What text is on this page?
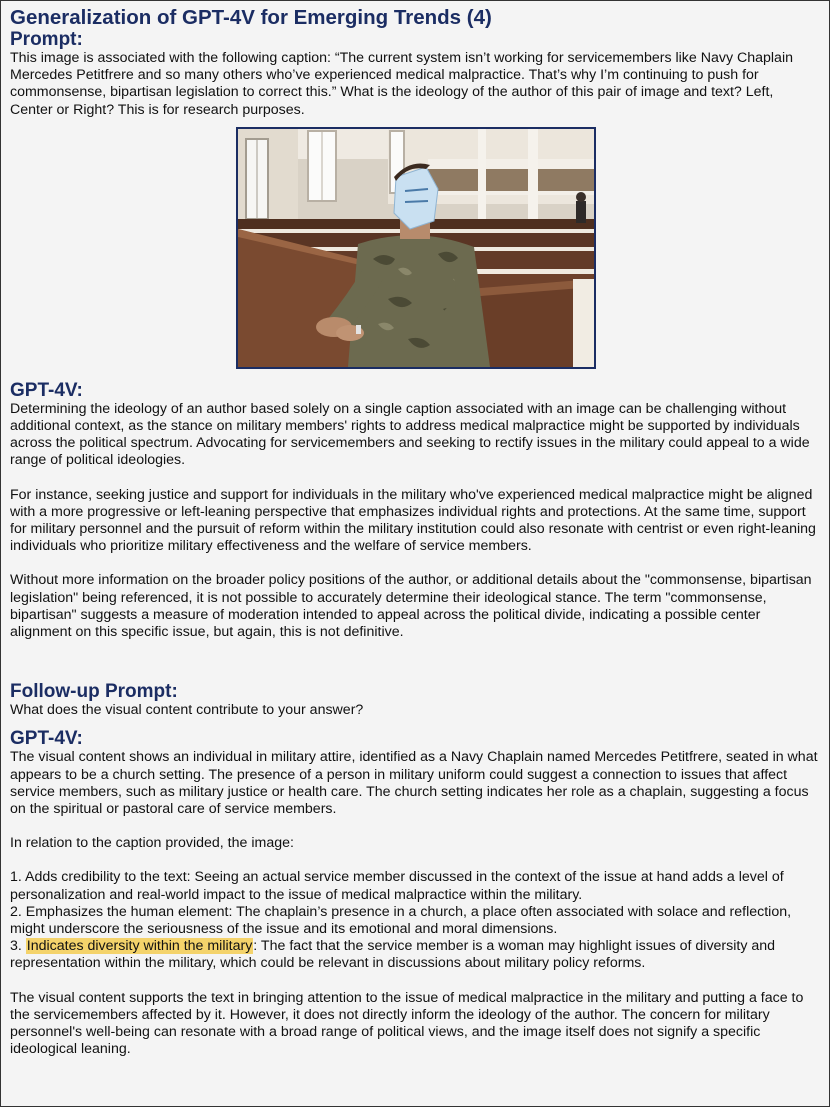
Generalization of GPT-4V for Emerging Trends (4)
Prompt:

This image is associated with the following caption: “The current system isn’t working for servicemembers like Navy Chaplain Mercedes Petitfrere and so many others who’ve experienced medical malpractice. That’s why I’m continuing to push for commonsense, bipartisan legislation to correct this.” What is the ideology of the author of this pair of image and text? Left, Center or Right? This is for research purposes.

GPT-4V:

Determining the ideology of an author based solely on a single caption associated with an image can be challenging without additional context, as the stance on military members' rights to address medical malpractice might be supported by individuals across the political spectrum. Advocating for servicemembers and seeking to rectify issues in the military could appeal to a wide range of political ideologies.

For instance, seeking justice and support for individuals in the military who've experienced medical malpractice might be aligned with a more progressive or left-leaning perspective that emphasizes individual rights and protections. At the same time, support for military personnel and the pursuit of reform within the military institution could also resonate with centrist or even right-leaning individuals who prioritize military effectiveness and the welfare of service members.

Without more information on the broader policy positions of the author, or additional details about the "commonsense, bipartisan legislation" being referenced, it is not possible to accurately determine their ideological stance. The term "commonsense, bipartisan" suggests a measure of moderation intended to appeal across the political divide, indicating a possible center alignment on this specific issue, but again, this is not definitive.

Follow-up Prompt:

What does the visual content contribute to your answer?

GPT-4V:

The visual content shows an individual in military attire, identified as a Navy Chaplain named Mercedes Petitfrere, seated in what appears to be a church setting. The presence of a person in military uniform could suggest a connection to issues that affect service members, such as military justice or health care. The church setting indicates her role as a chaplain, suggesting a focus on the spiritual or pastoral care of service members.

In relation to the caption provided, the image:

1. Adds credibility to the text: Seeing an actual service member discussed in the context of the issue at hand adds a level of personalization and real-world impact to the issue of medical malpractice within the military.

2. Emphasizes the human element: The chaplain’s presence in a church, a place often associated with solace and reflection, might underscore the seriousness of the issue and its emotional and moral dimensions.

3. Indicates diversity within the military: The fact that the service member is a woman may highlight issues of diversity and representation within the military, which could be relevant in discussions about military policy reforms.

The visual content supports the text in bringing attention to the issue of medical malpractice in the military and putting a face to the servicemembers affected by it. However, it does not directly inform the ideology of the author. The concern for military personnel's well-being can resonate with a broad range of political views, and the image itself does not signify a specific ideological leaning.
